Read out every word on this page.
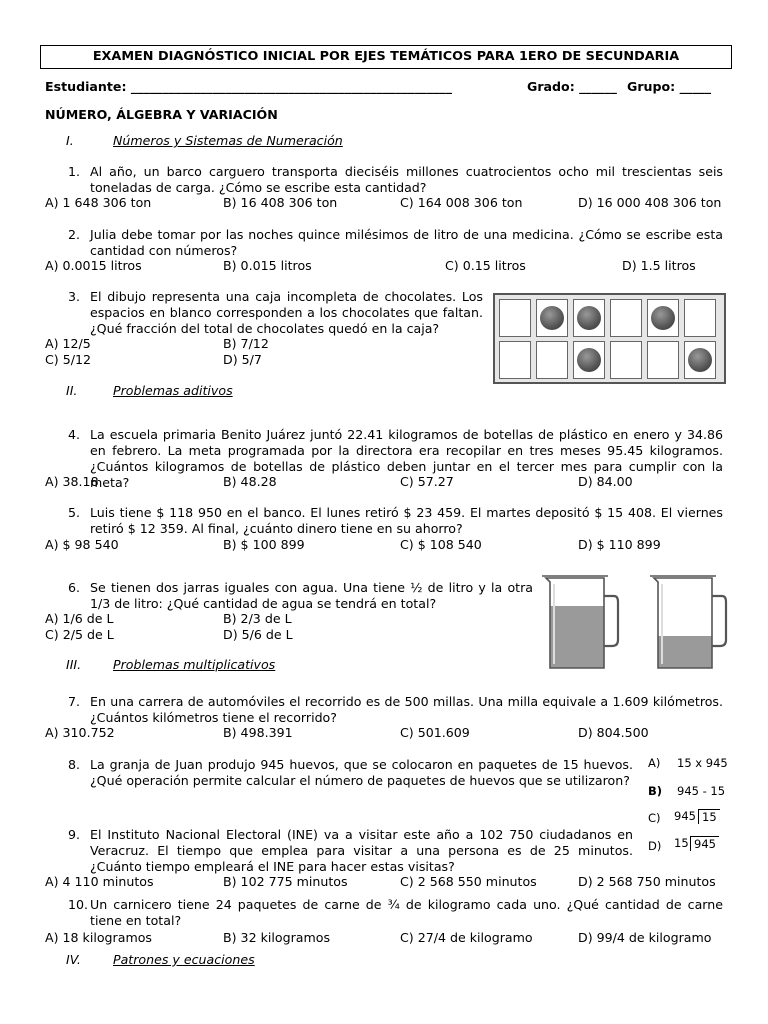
EXAMEN DIAGNÓSTICO INICIAL POR EJES TEMÁTICOS PARA 1ERO DE SECUNDARIA
Estudiante: ___________________________________________________	Grado: ______ Grupo: _____
NÚMERO, ÁLGEBRA Y VARIACIÓN
I.	Números y Sistemas de Numeración
1. Al año, un barco carguero transporta dieciséis millones cuatrocientos ocho mil trescientas seis toneladas de carga. ¿Cómo se escribe esta cantidad?
A) 1 648 306 ton	B) 16 408 306 ton	C) 164 008 306 ton	D) 16 000 408 306 ton
2. Julia debe tomar por las noches quince milésimos de litro de una medicina. ¿Cómo se escribe esta cantidad con números?
A) 0.0015 litros	B) 0.015 litros	C) 0.15 litros	D) 1.5 litros
3. El dibujo representa una caja incompleta de chocolates. Los espacios en blanco corresponden a los chocolates que faltan. ¿Qué fracción del total de chocolates quedó en la caja?
A) 12/5	B) 7/12
C) 5/12	D) 5/7
II.	Problemas aditivos
4. La escuela primaria Benito Juárez juntó 22.41 kilogramos de botellas de plástico en enero y 34.86 en febrero. La meta programada por la directora era recopilar en tres meses 95.45 kilogramos. ¿Cuántos kilogramos de botellas de plástico deben juntar en el tercer mes para cumplir con la meta?
A) 38.18	B) 48.28	C) 57.27	D) 84.00
5. Luis tiene $ 118 950 en el banco. El lunes retiró $ 23 459. El martes depositó $ 15 408. El viernes retiró $ 12 359. Al final, ¿cuánto dinero tiene en su ahorro?
A) $ 98 540	B) $ 100 899	C) $ 108 540	D) $ 110 899
6. Se tienen dos jarras iguales con agua. Una tiene ½ de litro y la otra 1/3 de litro: ¿Qué cantidad de agua se tendrá en total?
A) 1/6 de L	B) 2/3 de L
C) 2/5 de L	D) 5/6 de L
III.	Problemas multiplicativos
7. En una carrera de automóviles el recorrido es de 500 millas. Una milla equivale a 1.609 kilómetros. ¿Cuántos kilómetros tiene el recorrido?
A) 310.752	B) 498.391	C) 501.609	D) 804.500
8. La granja de Juan produjo 945 huevos, que se colocaron en paquetes de 15 huevos. ¿Qué operación permite calcular el número de paquetes de huevos que se utilizaron?
A) 15 x 945
B) 945 - 15
C) 945 15
D) 15 945
9. El Instituto Nacional Electoral (INE) va a visitar este año a 102 750 ciudadanos en Veracruz. El tiempo que emplea para visitar a una persona es de 25 minutos. ¿Cuánto tiempo empleará el INE para hacer estas visitas?
A) 4 110 minutos	B) 102 775 minutos	C) 2 568 550 minutos	D) 2 568 750 minutos
10. Un carnicero tiene 24 paquetes de carne de ¾ de kilogramo cada uno. ¿Qué cantidad de carne tiene en total?
A) 18 kilogramos	B) 32 kilogramos	C) 27/4 de kilogramo	D) 99/4 de kilogramo
IV.	Patrones y ecuaciones
